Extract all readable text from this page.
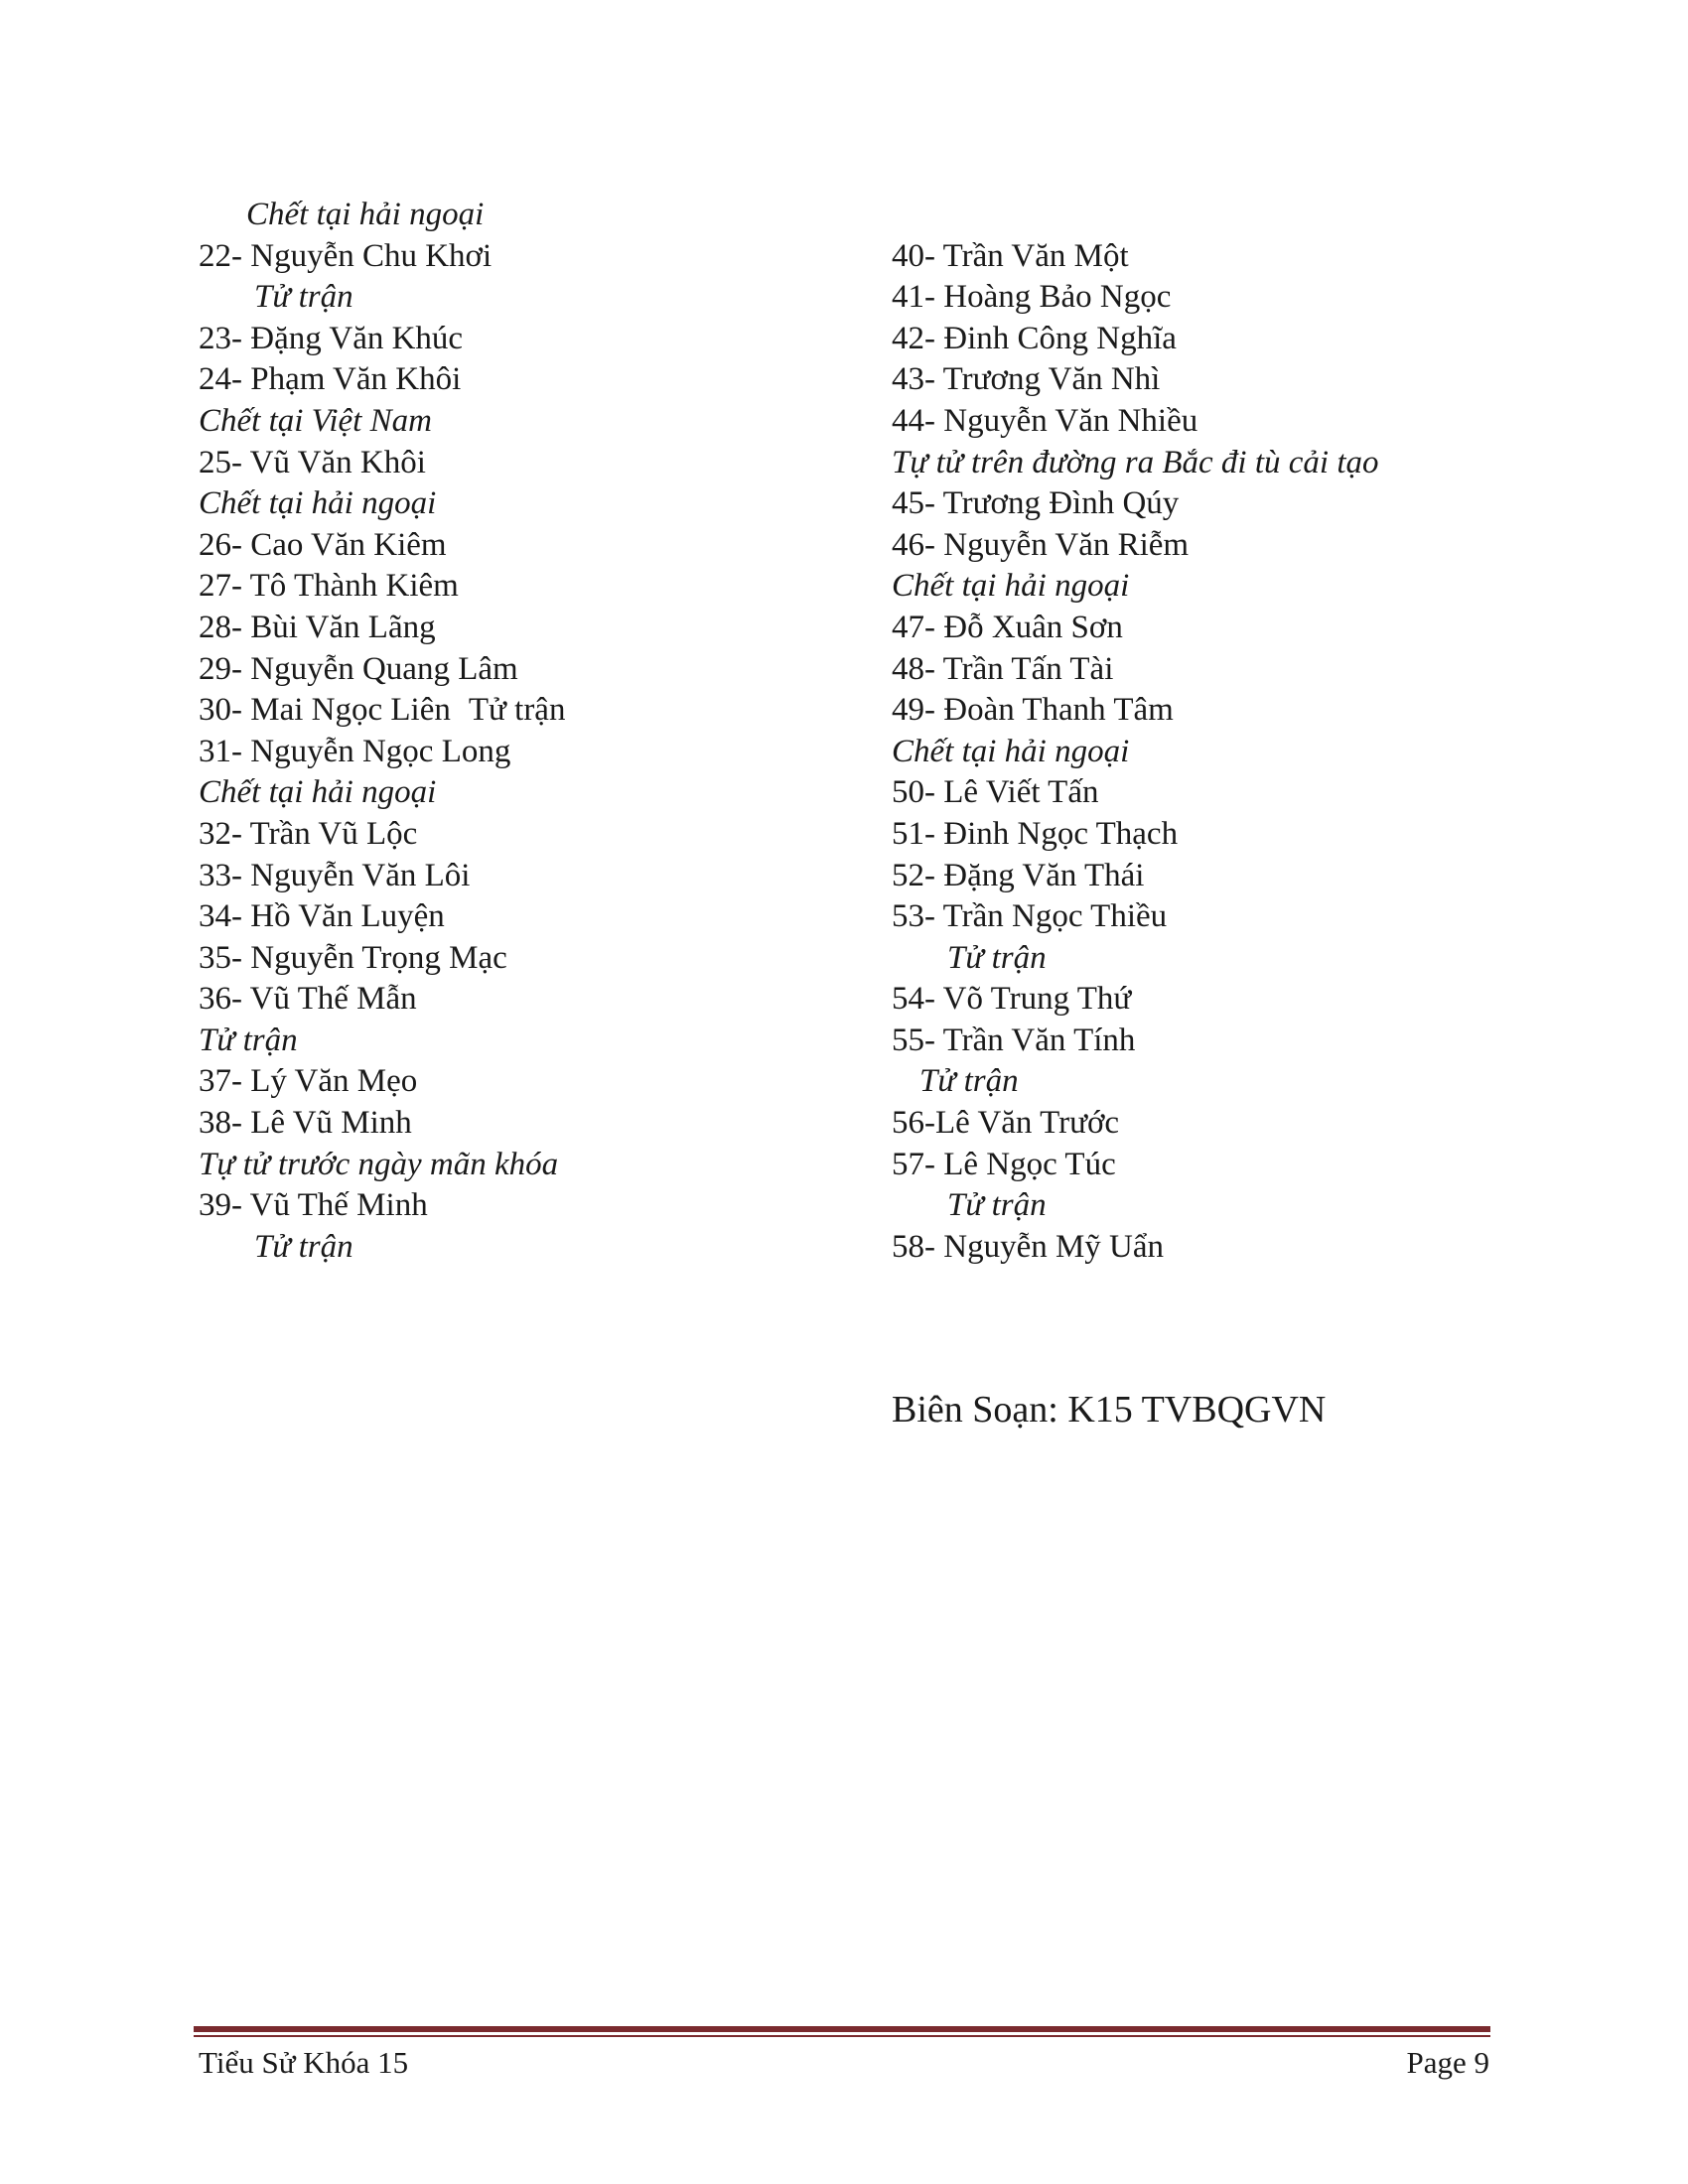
Chết tại hải ngoại
22- Nguyễn Chu Khơi
Tử trận
23- Đặng Văn Khúc
24- Phạm Văn Khôi
Chết tại Việt Nam
25- Vũ Văn Khôi
Chết tại hải ngoại
26- Cao Văn Kiêm
27- Tô Thành Kiêm
28- Bùi Văn Lãng
29- Nguyễn Quang Lâm
30- Mai Ngọc Liên Tử trận
31- Nguyễn Ngọc Long
Chết tại hải ngoại
32- Trần Vũ Lộc
33- Nguyễn Văn Lôi
34- Hồ Văn Luyện
35- Nguyễn Trọng Mạc
36- Vũ Thế Mẫn
Tử trận
37- Lý Văn Mẹo
38- Lê Vũ Minh
Tự tử trước ngày mãn khóa
39- Vũ Thế Minh
Tử trận
40- Trần Văn Một
41- Hoàng Bảo Ngọc
42- Đinh Công Nghĩa
43- Trương Văn Nhì
44- Nguyễn Văn Nhiều
Tự tử trên đường ra Bắc đi tù cải tạo
45- Trương Đình Qúy
46- Nguyễn Văn Riễm
Chết tại hải ngoại
47- Đỗ Xuân Sơn
48- Trần Tấn Tài
49- Đoàn Thanh Tâm
Chết tại hải ngoại
50- Lê Viết Tấn
51- Đinh Ngọc Thạch
52- Đặng Văn Thái
53- Trần Ngọc Thiều
Tử trận
54- Võ Trung Thứ
55- Trần Văn Tính
Tử trận
56-Lê Văn Trước
57- Lê Ngọc Túc
Tử trận
58- Nguyễn Mỹ Uẩn
Biên Soạn: K15 TVBQGVN
Tiểu Sử Khóa 15	Page 9
